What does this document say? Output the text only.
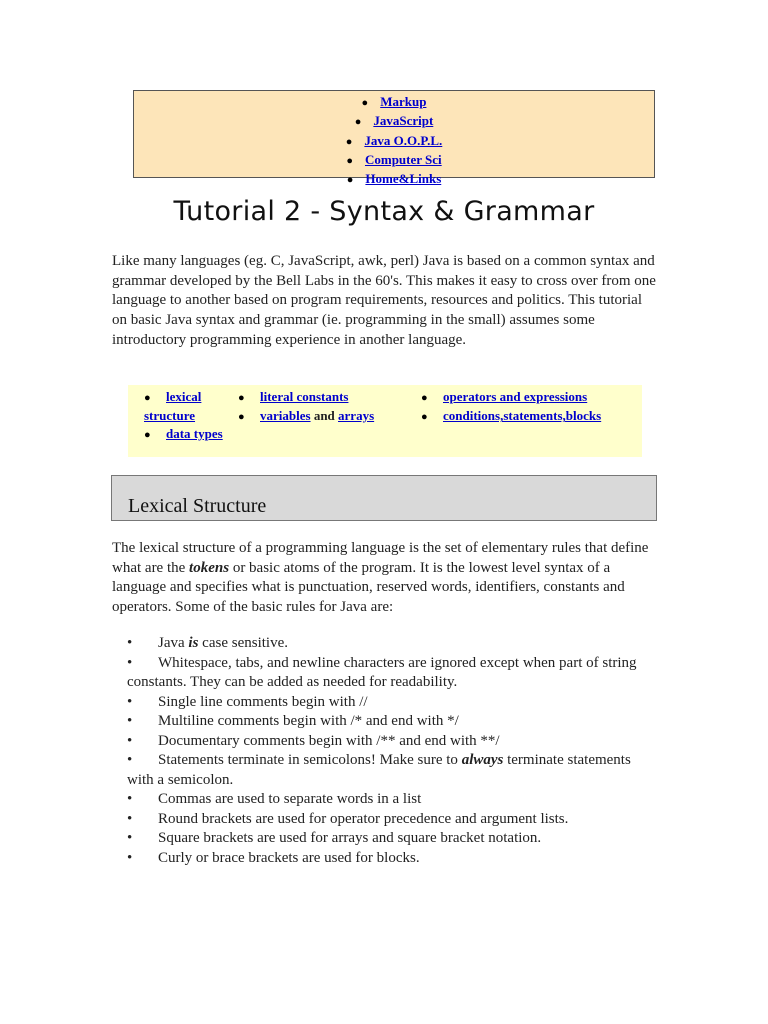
● Markup
● JavaScript
● Java O.O.P.L.
● Computer Sci
● Home&Links
Tutorial 2 - Syntax & Grammar

Like many languages (eg. C, JavaScript, awk, perl) Java is based on a common syntax and grammar developed by the Bell Labs in the 60's. This makes it easy to cross over from one language to another based on program requirements, resources and politics. This tutorial on basic Java syntax and grammar (ie. programming in the small) assumes some introductory programming experience in another language.

● lexical structure
● data types
● literal constants
● variables and arrays
● operators and expressions
● conditions,statements,blocks
Lexical Structure

The lexical structure of a programming language is the set of elementary rules that define what are the tokens or basic atoms of the program. It is the lowest level syntax of a language and specifies what is punctuation, reserved words, identifiers, constants and operators. Some of the basic rules for Java are:

• Java is case sensitive.
• Whitespace, tabs, and newline characters are ignored except when part of string constants. They can be added as needed for readability.
• Single line comments begin with //
• Multiline comments begin with /* and end with */
• Documentary comments begin with /** and end with **/
• Statements terminate in semicolons! Make sure to always terminate statements with a semicolon.
• Commas are used to separate words in a list
• Round brackets are used for operator precedence and argument lists.
• Square brackets are used for arrays and square bracket notation.
• Curly or brace brackets are used for blocks.
